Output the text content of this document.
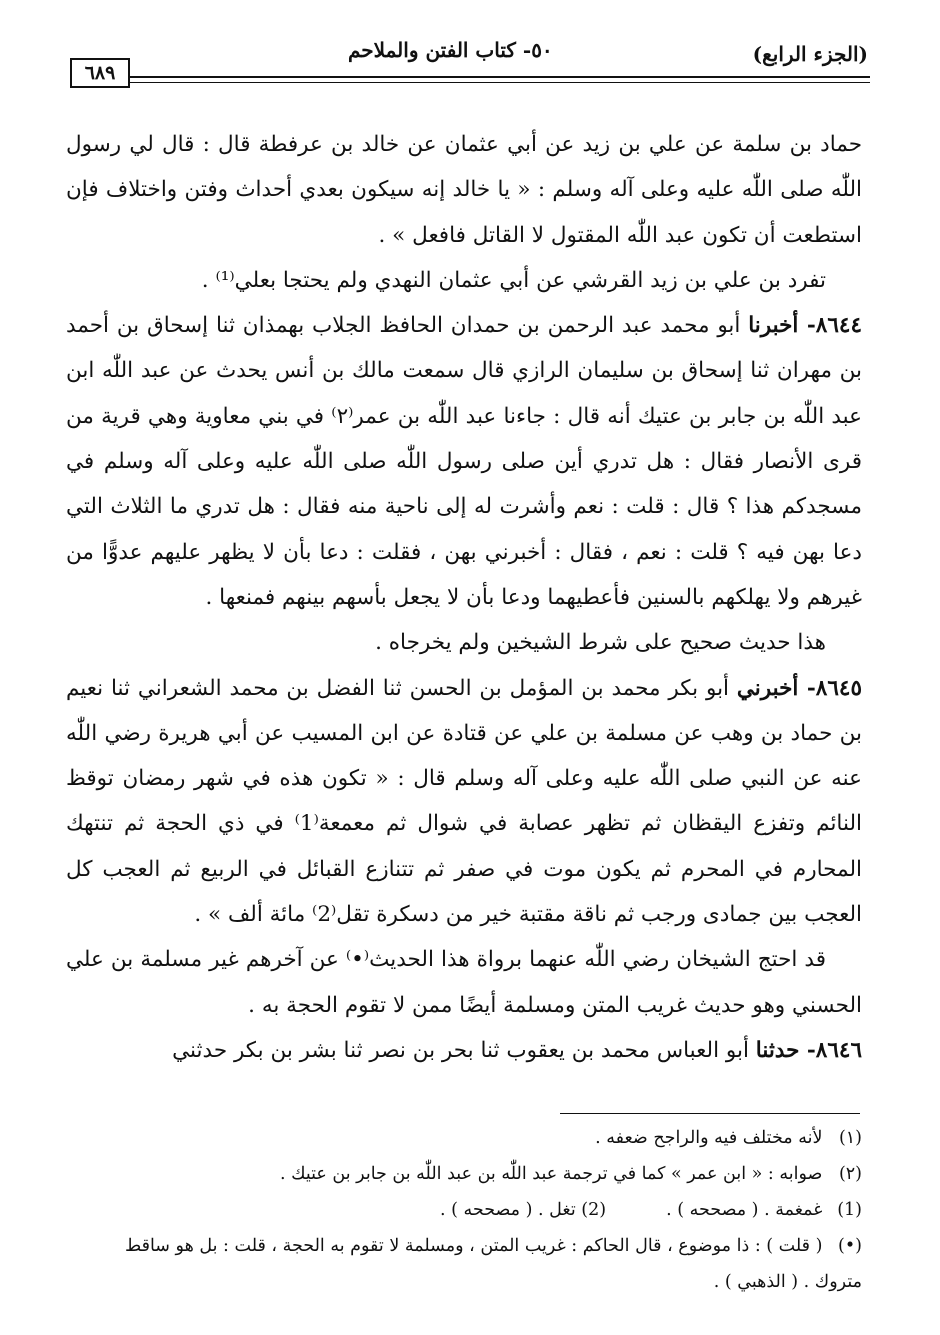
(الجزء الرابع)
٥٠- كتاب الفتن والملاحم
٦٨٩

حماد بن سلمة عن علي بن زيد عن أبي عثمان عن خالد بن عرفطة قال : قال لي رسول اللّٰه صلى اللّٰه عليه وعلى آله وسلم : « يا خالد إنه سيكون بعدي أحداث وفتن واختلاف فإن استطعت أن تكون عبد اللّٰه المقتول لا القاتل فافعل » .

تفرد بن علي بن زيد القرشي عن أبي عثمان النهدي ولم يحتجا بعلي⁽¹⁾ .

٨٦٤٤- أخبرنا أبو محمد عبد الرحمن بن حمدان الحافظ الجلاب بهمذان ثنا إسحاق بن أحمد بن مهران ثنا إسحاق بن سليمان الرازي قال سمعت مالك بن أنس يحدث عن عبد اللّٰه ابن عبد اللّٰه بن جابر بن عتيك أنه قال : جاءنا عبد اللّٰه بن عمر⁽٢⁾ في بني معاوية وهي قرية من قرى الأنصار فقال : هل تدري أين صلى رسول اللّٰه صلى اللّٰه عليه وعلى آله وسلم في مسجدكم هذا ؟ قال : قلت : نعم وأشرت له إلى ناحية منه فقال : هل تدري ما الثلاث التي دعا بهن فيه ؟ قلت : نعم ، فقال : أخبرني بهن ، فقلت : دعا بأن لا يظهر عليهم عدوًّا من غيرهم ولا يهلكهم بالسنين فأعطيهما ودعا بأن لا يجعل بأسهم بينهم فمنعها .

هذا حديث صحيح على شرط الشيخين ولم يخرجاه .

٨٦٤٥- أخبرني أبو بكر محمد بن المؤمل بن الحسن ثنا الفضل بن محمد الشعراني ثنا نعيم بن حماد بن وهب عن مسلمة بن علي عن قتادة عن ابن المسيب عن أبي هريرة رضي اللّٰه عنه عن النبي صلى اللّٰه عليه وعلى آله وسلم قال : « تكون هذه في شهر رمضان توقظ النائم وتفزع اليقظان ثم تظهر عصابة في شوال ثم معمعة⁽1⁾ في ذي الحجة ثم تنتهك المحارم في المحرم ثم يكون موت في صفر ثم تتنازع القبائل في الربيع ثم العجب كل العجب بين جمادى ورجب ثم ناقة مقتبة خير من دسكرة تقل⁽2⁾ مائة ألف » .

قد احتج الشيخان رضي اللّٰه عنهما برواة هذا الحديث⁽•⁾ عن آخرهم غير مسلمة بن علي الحسني وهو حديث غريب المتن ومسلمة أيضًا ممن لا تقوم الحجة به .

٨٦٤٦- حدثنا أبو العباس محمد بن يعقوب ثنا بحر بن نصر ثنا بشر بن بكر حدثني

(١) لأنه مختلف فيه والراجح ضعفه .
(٢) صوابه : « ابن عمر » كما في ترجمة عبد اللّٰه بن عبد اللّٰه بن جابر بن عتيك .
(1) غمغمة . ( مصححه ) .(2) تغل . ( مصححه ) .
(•) ( قلت ) : ذا موضوع ، قال الحاكم : غريب المتن ، ومسلمة لا تقوم به الحجة ، قلت : بل هو ساقط
متروك . ( الذهبي ) .
